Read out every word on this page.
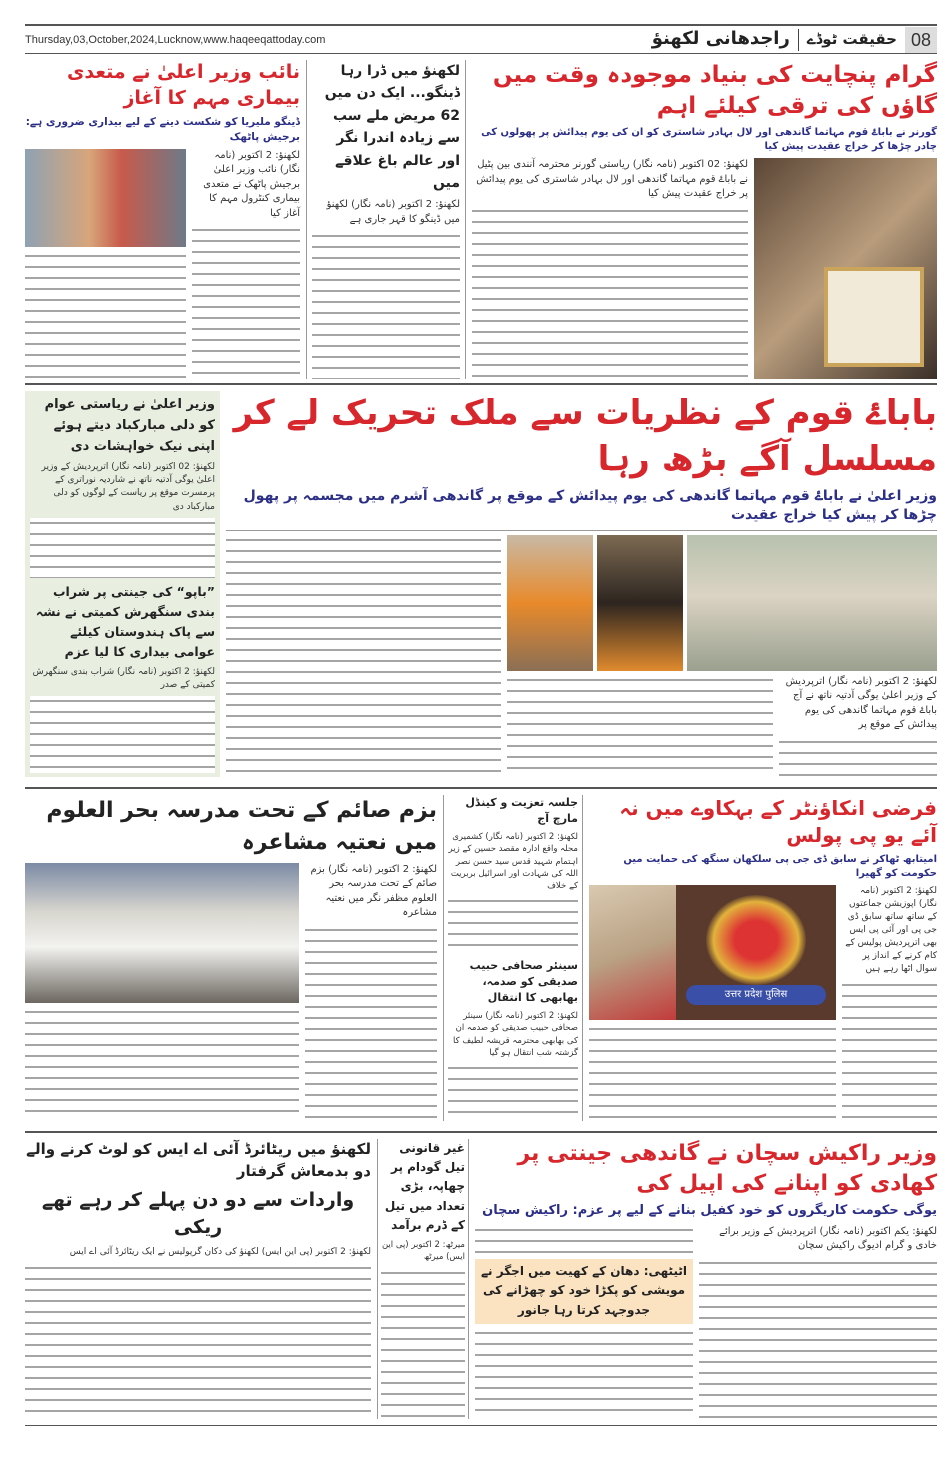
Thursday,03,October,2024,Lucknow,www.haqeeqattoday.com	08
حقیقت ٹوڈے
راجدھانی لکھنؤ
گرام پنچایت کی بنیاد موجودہ وقت میں گاؤں کی ترقی کیلئے اہم
گورنر نے باباۓ قوم مہاتما گاندھی اور لال بہادر شاستری کو ان کی یوم پیدائش پر پھولوں کی چادر چڑھا کر خراج عقیدت پیش کیا
لکھنؤ: 02 اکتوبر (نامہ نگار) ریاستی گورنر محترمہ آنندی بین پٹیل نے باباۓ قوم مہاتما گاندھی اور لال بہادر شاستری کی یوم پیدائش پر خراج عقیدت پیش کیا
لکھنؤ میں ڈرا رہا ڈینگو... ایک دن میں 62 مریض ملے سب سے زیادہ اندرا نگر اور عالم باغ علاقے میں
لکھنؤ: 2 اکتوبر (نامہ نگار) لکھنؤ میں ڈینگو کا قہر جاری ہے
نائب وزیر اعلیٰ نے متعدی بیماری مہم کا آغاز
ڈینگو ملیریا کو شکست دینے کے لیے بیداری ضروری ہے: برجیش پاٹھک
لکھنؤ: 2 اکتوبر (نامہ نگار) نائب وزیر اعلیٰ برجیش پاٹھک نے متعدی بیماری کنٹرول مہم کا آغاز کیا
باباۓ قوم کے نظریات سے ملک تحریک لے کر مسلسل آگے بڑھ رہا
وزیر اعلیٰ نے باباۓ قوم مہاتما گاندھی کی یوم پیدائش کے موقع پر گاندھی آشرم میں مجسمہ پر پھول چڑھا کر پیش کیا خراج عقیدت
لکھنؤ: 2 اکتوبر (نامہ نگار) اترپردیش کے وزیر اعلیٰ یوگی آدتیہ ناتھ نے آج باباۓ قوم مہاتما گاندھی کی یوم پیدائش کے موقع پر
وزیر اعلیٰ نے ریاستی عوام کو دلی مبارکباد دیتے ہوئے اپنی نیک خواہشات دی
لکھنؤ: 02 اکتوبر (نامہ نگار) اترپردیش کے وزیر اعلیٰ یوگی آدتیہ ناتھ نے شاردیہ نوراتری کے پرمسرت موقع پر ریاست کے لوگوں کو دلی مبارکباد دی
”باپو“ کی جینتی پر شراب بندی سنگھرش کمیتی نے نشہ سے پاک ہندوستان کیلئے عوامی بیداری کا لیا عزم
لکھنؤ: 2 اکتوبر (نامہ نگار) شراب بندی سنگھرش کمیتی کے صدر
فرضی انکاؤنٹر کے بہکاوے میں نہ آئے یو پی پولس
امیتابھ ٹھاکر نے سابق ڈی جی پی سلکھان سنگھ کی حمایت میں حکومت کو گھیرا
لکھنؤ: 2 اکتوبر (نامہ نگار) اپوزیشن جماعتوں کے ساتھ ساتھ سابق ڈی جی پی اور آئی پی ایس بھی اترپردیش پولیس کے کام کرنے کے انداز پر سوال اٹھا رہے ہیں
उत्तर प्रदेश पुलिस
جلسہ تعزیت و کینڈل مارچ آج
لکھنؤ: 2 اکتوبر (نامہ نگار) کشمیری محلہ واقع ادارہ مقصد حسین کے زیر اہتمام شہید قدس سید حسن نصر اللہ کی شہادت اور اسرائیل بربریت کے خلاف
سینئر صحافی حبیب صدیقی کو صدمہ، بھابھی کا انتقال
لکھنؤ: 2 اکتوبر (نامہ نگار) سینئر صحافی حبیب صدیقی کو صدمہ ان کی بھابھی محترمہ قریشہ لطیف کا گزشتہ شب انتقال ہو گیا
بزم صائم کے تحت مدرسہ بحر العلوم میں نعتیہ مشاعرہ
لکھنؤ: 2 اکتوبر (نامہ نگار) بزم صائم کے تحت مدرسہ بحر العلوم مظفر نگر میں نعتیہ مشاعرہ
وزیر راکیش سچان نے گاندھی جینتی پر کھادی کو اپنانے کی اپیل کی
یوگی حکومت کاریگروں کو خود کفیل بنانے کے لیے پر عزم: راکیش سچان
لکھنؤ: یکم اکتوبر (نامہ نگار) اترپردیش کے وزیر برائے خادی و گرام ادیوگ راکیش سچان
اٹیٹھی: دھان کے کھیت میں اجگر نے مویشی کو پکڑا خود کو چھڑانے کی جدوجہد کرتا رہا جانور
غیر قانونی تیل گودام پر چھاپہ، بڑی تعداد میں تیل کے ڈرم برآمد
میرٹھ: 2 اکتوبر (پی این ایس) میرٹھ
لکھنؤ میں ریٹائرڈ آئی اے ایس کو لوٹ کرنے والے دو بدمعاش گرفتار
واردات سے دو دن پہلے کر رہے تھے ریکی
لکھنؤ: 2 اکتوبر (پی این ایس) لکھنؤ کی دکان گرپولیس نے ایک ریٹائرڈ آئی اے ایس
